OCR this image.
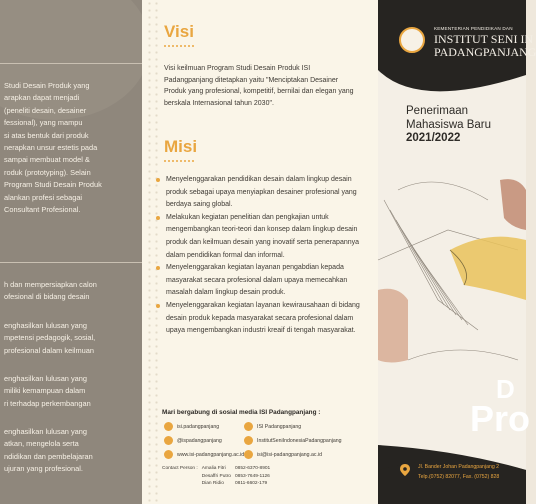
Studi Desain Produk yang
arapkan dapat menjadi
(peneliti desain, desainer
fessional), yang mampu
si atas bentuk dari produk
nerapkan unsur estetis pada
sampai membuat model &
roduk (prototyping). Selain
Program Studi Desain Produk
alankan profesi sebagai
Consultant Profesional.
h dan mempersiapkan calon
ofesional di bidang desain
enghasilkan lulusan yang
mpetensi pedagogik, sosial,
profesional dalam keilmuan
enghasilkan lulusan yang
miliki kemampuan dalam
ri terhadap perkembangan
enghasilkan lulusan yang
atkan, mengelola serta
ndidikan dan pembelajaran
ujuran yang profesional.
Visi
Visi keilmuan Program Studi Desain Produk ISI Padangpanjang ditetapkan yaitu "Menciptakan Desainer Produk yang profesional, kompetitif, bernilai dan elegan yang berskala Internasional tahun 2030".
Misi
Menyelenggarakan pendidikan desain dalam lingkup desain produk sebagai upaya menyiapkan desainer profesional yang berdaya saing global.
Melakukan kegiatan penelitian dan pengkajian untuk mengembangkan teori-teori dan konsep dalam lingkup desain produk dan keilmuan desain yang inovatif serta penerapannya dalam pendidikan formal dan informal.
Menyelenggarakan kegiatan layanan pengabdian kepada masyarakat secara profesional dalam upaya memecahkan masalah dalam lingkup desain produk.
Menyelenggarakan kegiatan layanan kewirausahaan di bidang desain produk kepada masyarakat secara profesional dalam upaya mengembangkan industri kreaif di tengah masyarakat.
Mari bergabung di sosial media ISI Padangpanjang :
isi.padangpanjang	ISI Padangpanjang
@ispadangpanjang	InstitutSeniIndonesiaPadangpanjang
www.isi-padangpanjang.ac.id isi@isi-padangpanjang.ac.id
Contact Person :	Amalia Fitri	0852-6370-8901
	Desaffri Putro	0853-7649-1126
	Dian Ridio	0811-6602-179
KEMENTERIAN PENDIDIKAN DAN
INSTITUT SENI IN
PADANGPANJANG
Penerimaan
Mahasiswa Baru
2021/2022
D
Pro
Jl. Bander Johan Padangpanjang 2
Telp.(0752) 82077, Fax. (0752) 828
